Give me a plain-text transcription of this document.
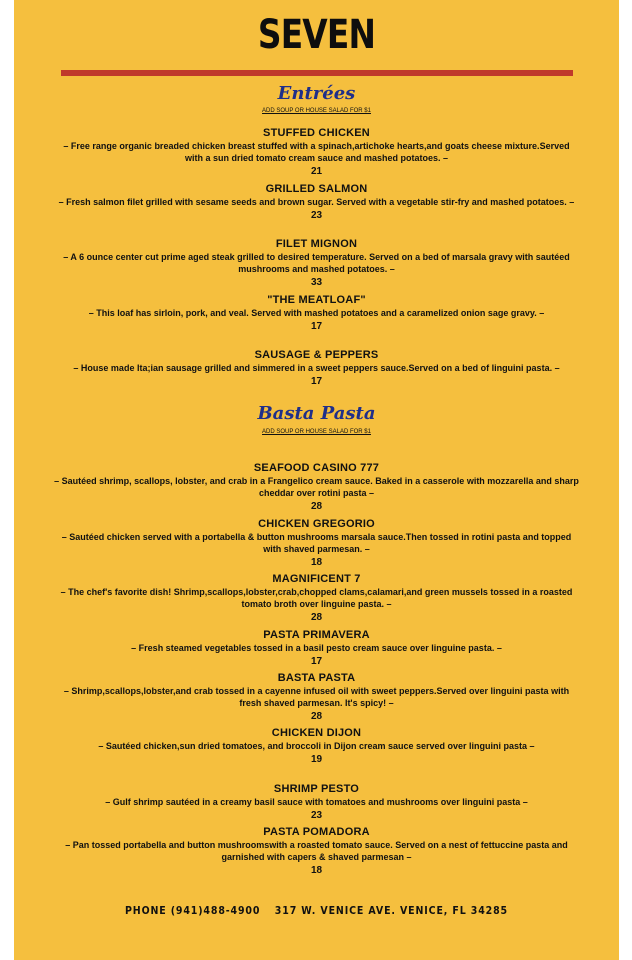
SEVEN
Entrées
ADD SOUP OR HOUSE SALAD FOR $1
STUFFED CHICKEN
– Free range organic breaded chicken breast stuffed with a spinach,artichoke hearts,and goats cheese mixture.Served with a sun dried tomato cream sauce and mashed potatoes. –
21
GRILLED SALMON
– Fresh salmon filet grilled with sesame seeds and brown sugar. Served with a vegetable stir-fry and mashed potatoes. –
23
FILET MIGNON
– A 6 ounce center cut prime aged steak grilled to desired temperature. Served on a bed of marsala gravy with sautéed mushrooms and mashed potatoes. –
33
"THE MEATLOAF"
– This loaf has sirloin, pork, and veal. Served with mashed potatoes and a caramelized onion sage gravy. –
17
SAUSAGE & PEPPERS
– House made Ita;ian sausage grilled and simmered in a sweet peppers sauce.Served on a bed of linguini pasta. –
17
Basta Pasta
ADD SOUP OR HOUSE SALAD FOR $1
SEAFOOD CASINO 777
– Sautéed shrimp, scallops, lobster, and crab in a Frangelico cream sauce. Baked in a casserole with mozzarella and sharp cheddar over rotini pasta –
28
CHICKEN GREGORIO
– Sautéed chicken served with a portabella & button mushrooms marsala sauce.Then tossed in rotini pasta and topped with shaved parmesan. –
18
MAGNIFICENT 7
– The chef's favorite dish! Shrimp,scallops,lobster,crab,chopped clams,calamari,and green mussels tossed in a roasted tomato broth over linguine pasta. –
28
PASTA PRIMAVERA
– Fresh steamed vegetables tossed in a basil pesto cream sauce over linguine pasta. –
17
BASTA PASTA
– Shrimp,scallops,lobster,and crab tossed in a cayenne infused oil with sweet peppers.Served over linguini pasta with fresh shaved parmesan. It's spicy! –
28
CHICKEN DIJON
– Sautéed chicken,sun dried tomatoes, and broccoli in Dijon cream sauce served over linguini pasta –
19
SHRIMP PESTO
– Gulf shrimp sautéed in a creamy basil sauce with tomatoes and mushrooms over linguini pasta –
23
PASTA POMADORA
– Pan tossed portabella and button mushroomswith a roasted tomato sauce. Served on a nest of fettuccine pasta and garnished with capers & shaved parmesan –
18
PHONE (941)488-4900 317 W. VENICE AVE. VENICE, FL 34285
